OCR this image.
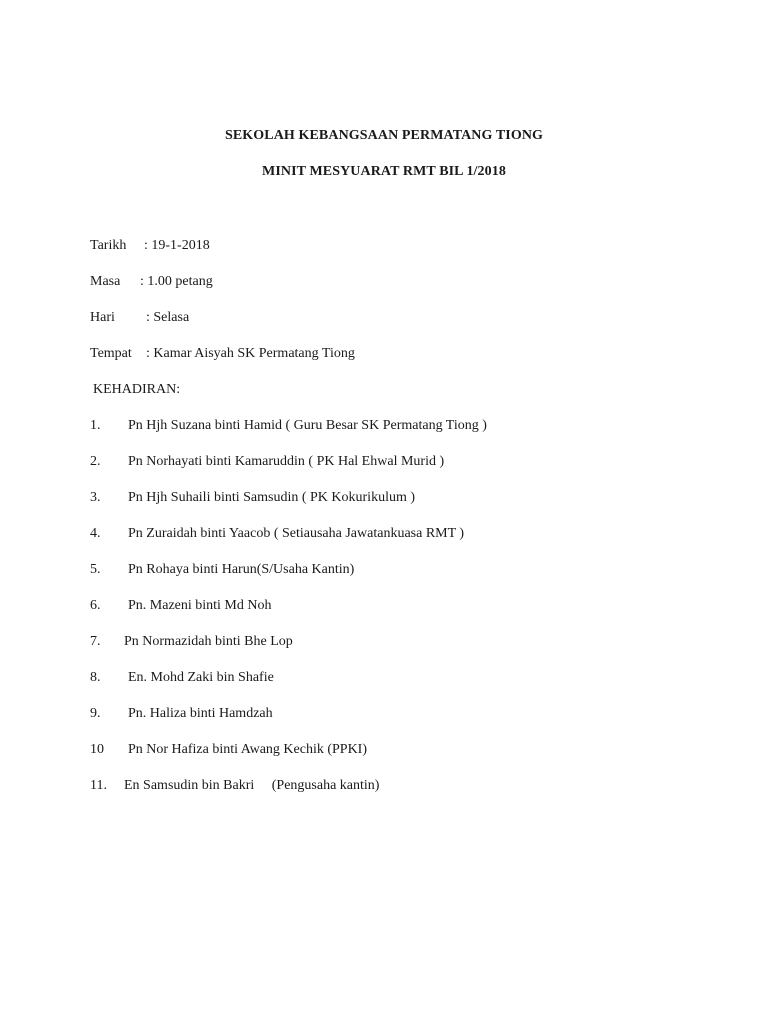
SEKOLAH KEBANGSAAN PERMATANG TIONG
MINIT MESYUARAT RMT BIL 1/2018
Tarikh : 19-1-2018
Masa : 1.00 petang
Hari : Selasa
Tempat : Kamar Aisyah SK Permatang Tiong
KEHADIRAN:
1. Pn Hjh Suzana binti Hamid ( Guru Besar SK Permatang Tiong )
2. Pn Norhayati binti Kamaruddin ( PK Hal Ehwal Murid )
3. Pn Hjh Suhaili binti Samsudin ( PK Kokurikulum )
4. Pn Zuraidah binti Yaacob ( Setiausaha Jawatankuasa RMT )
5. Pn Rohaya binti Harun(S/Usaha Kantin)
6. Pn. Mazeni binti Md Noh
7. Pn Normazidah binti Bhe Lop
8. En. Mohd Zaki bin Shafie
9. Pn. Haliza binti Hamdzah
10 Pn Nor Hafiza binti Awang Kechik (PPKI)
11. En Samsudin bin Bakri     (Pengusaha kantin)
